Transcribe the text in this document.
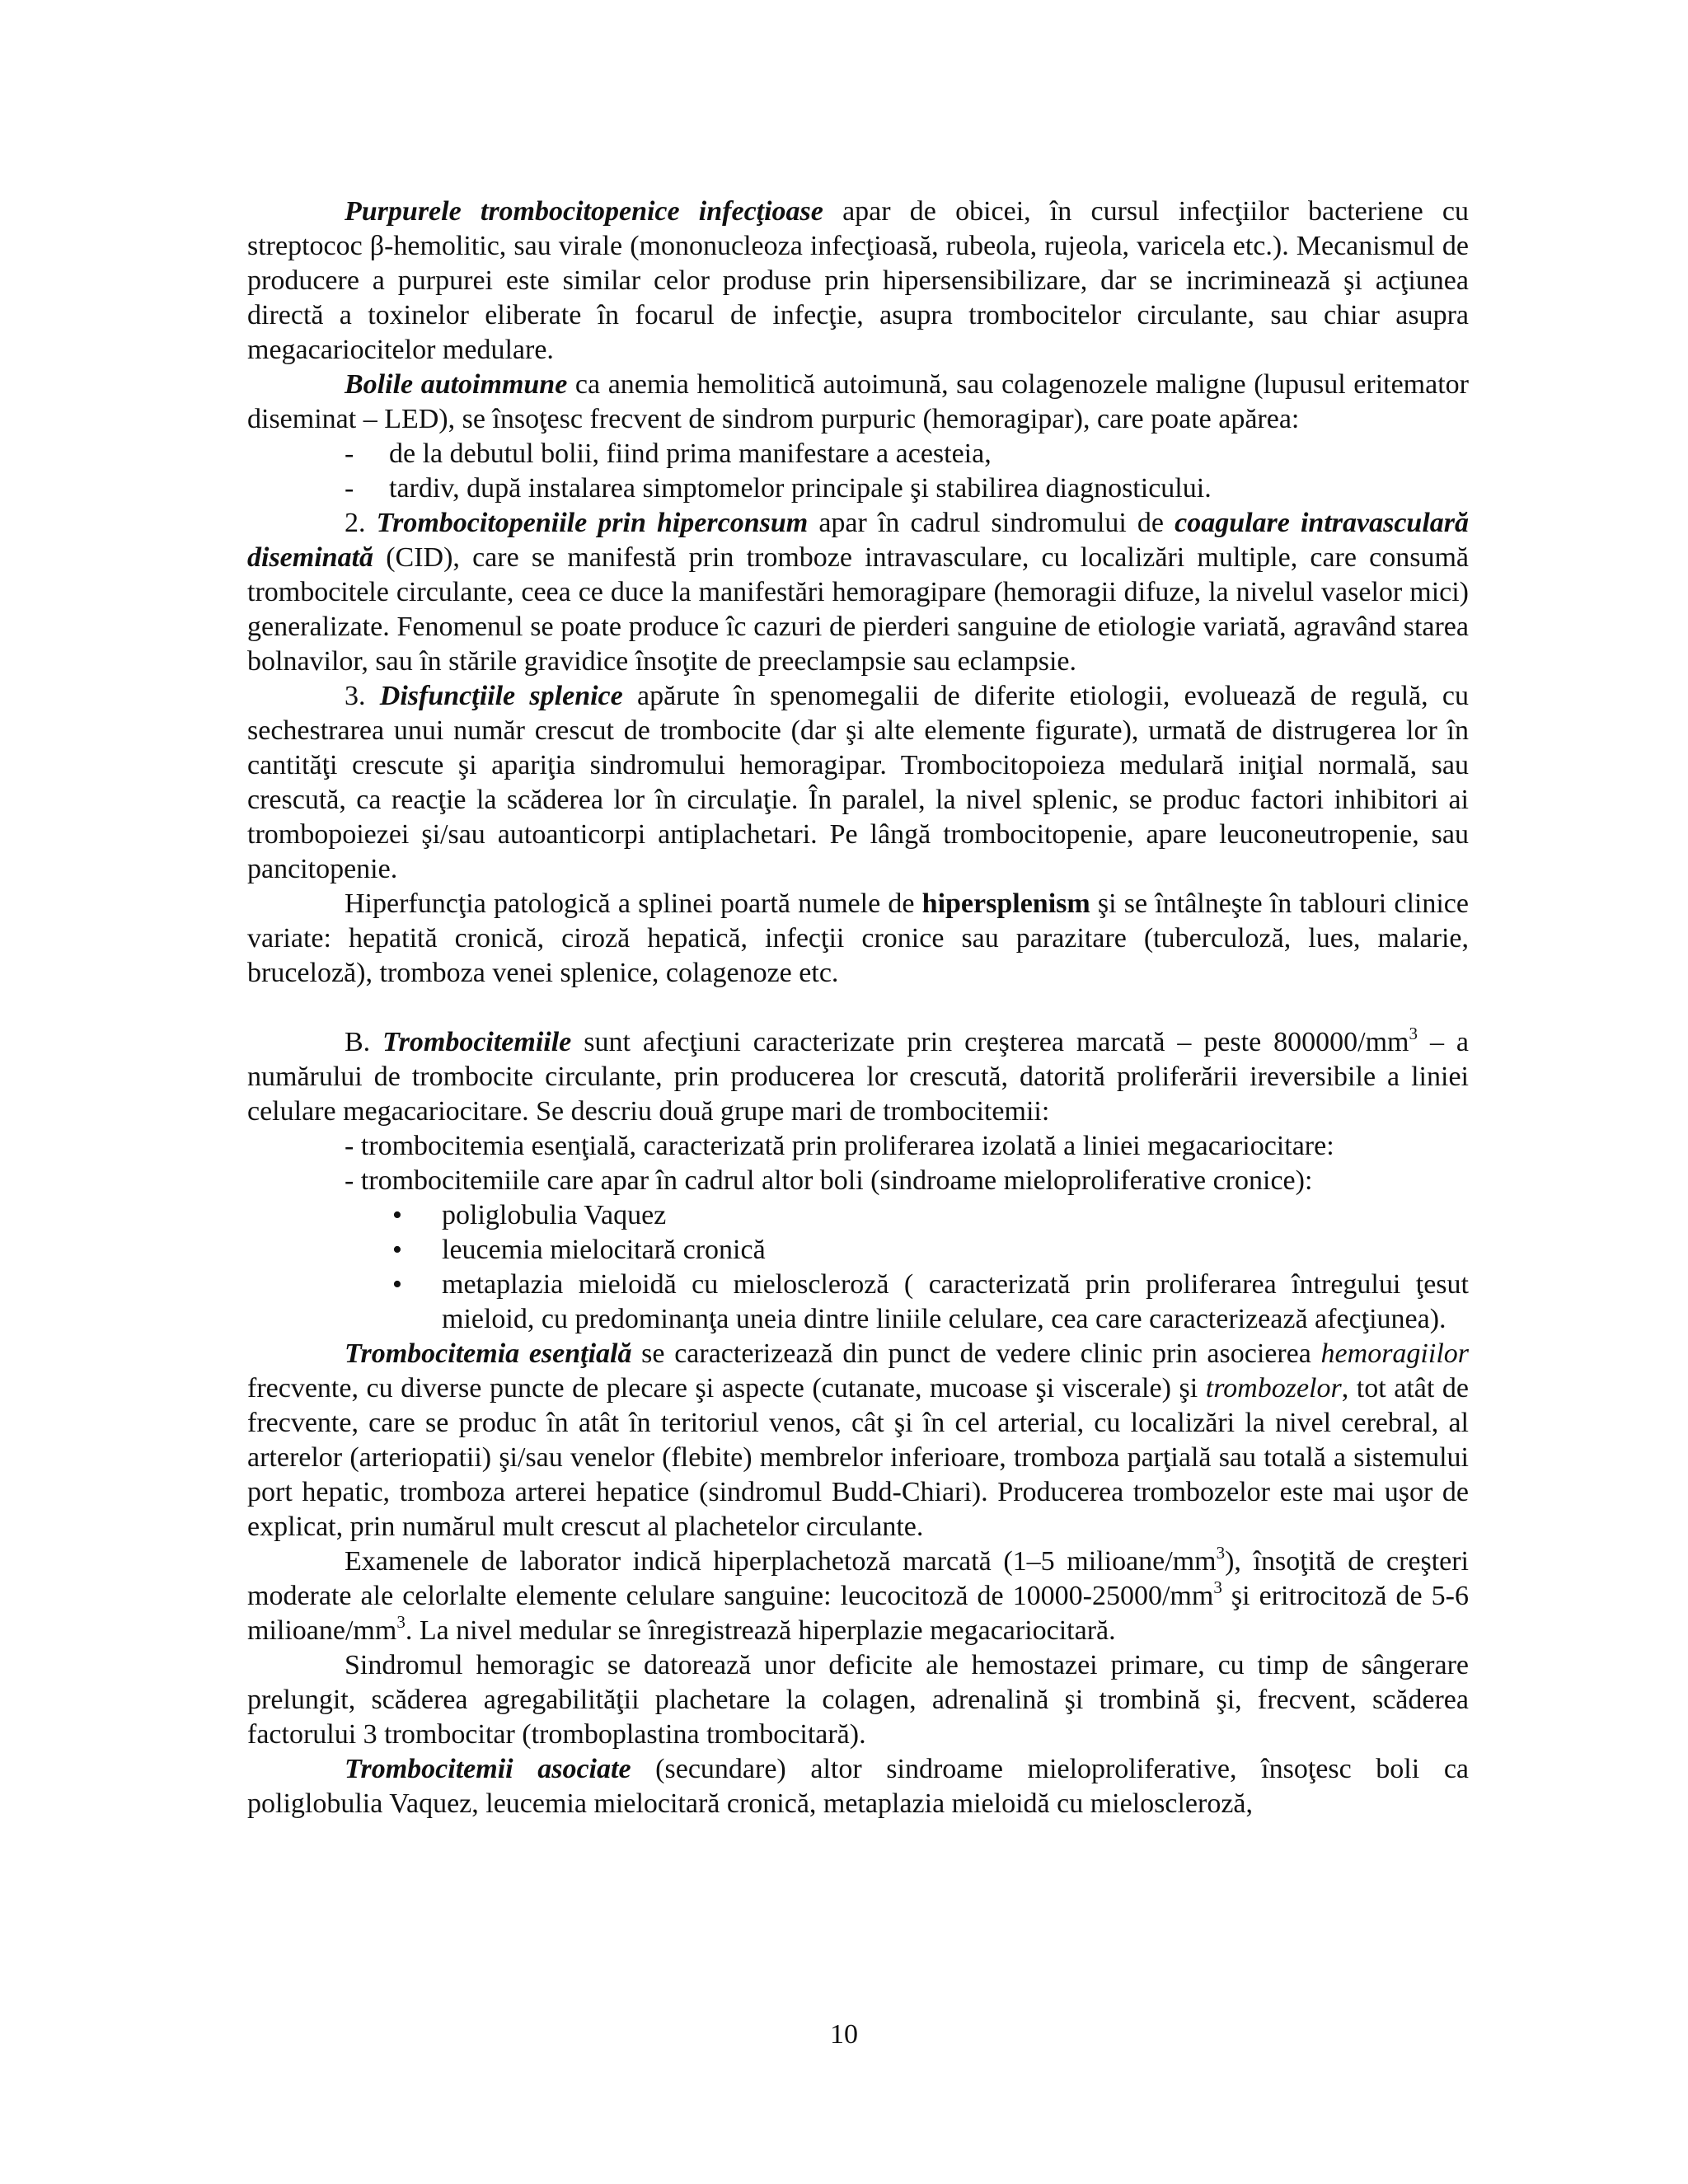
Purpurele trombocitopenice infecţioase apar de obicei, în cursul infecţiilor bacteriene cu streptococ β-hemolitic, sau virale (mononucleoza infecţioasă, rubeola, rujeola, varicela etc.). Mecanismul de producere a purpurei este similar celor produse prin hipersensibilizare, dar se incriminează şi acţiunea directă a toxinelor eliberate în focarul de infecţie, asupra trombocitelor circulante, sau chiar asupra megacariocitelor medulare.

Bolile autoimmune ca anemia hemolitică autoimună, sau colagenozele maligne (lupusul eritemator diseminat – LED), se însoţesc frecvent de sindrom purpuric (hemoragipar), care poate apărea:

-	de la debutul bolii, fiind prima manifestare a acesteia,
-	tardiv, după instalarea simptomelor principale şi stabilirea diagnosticului.

2. Trombocitopeniile prin hiperconsum apar în cadrul sindromului de coagulare intravasculară diseminată (CID), care se manifestă prin tromboze intravasculare, cu localizări multiple, care consumă trombocitele circulante, ceea ce duce la manifestări hemoragipare (hemoragii difuze, la nivelul vaselor mici) generalizate. Fenomenul se poate produce îc cazuri de pierderi sanguine de etiologie variată, agravând starea bolnavilor, sau în stările gravidice însoţite de preeclampsie sau eclampsie.

3. Disfuncţiile splenice apărute în spenomegalii de diferite etiologii, evoluează de regulă, cu sechestrarea unui număr crescut de trombocite (dar şi alte elemente figurate), urmată de distrugerea lor în cantităţi crescute şi apariţia sindromului hemoragipar. Trombocitopoieza medulară iniţial normală, sau crescută, ca reacţie la scăderea lor în circulaţie. În paralel, la nivel splenic, se produc factori inhibitori ai trombopoiezei şi/sau autoanticorpi antiplachetari. Pe lângă trombocitopenie, apare leuconeutropenie, sau pancitopenie.

Hiperfuncţia patologică a splinei poartă numele de hipersplenism şi se întâlneşte în tablouri clinice variate: hepatită cronică, ciroză hepatică, infecţii cronice sau parazitare (tuberculoză, lues, malarie, bruceloză), tromboza venei splenice, colagenoze etc.

B. Trombocitemiile sunt afecţiuni caracterizate prin creşterea marcată – peste $800000/mm^3$ – a numărului de trombocite circulante, prin producerea lor crescută, datorită proliferării ireversibile a liniei celulare megacariocitare. Se descriu două grupe mari de trombocitemii:

- trombocitemia esenţială, caracterizată prin proliferarea izolată a liniei megacariocitare:

- trombocitemiile care apar în cadrul altor boli (sindroame mieloproliferative cronice):

•	poliglobulia Vaquez
•	leucemia mielocitară cronică
•	metaplazia mieloidă cu mieloscleroză ( caracterizată prin proliferarea întregului ţesut mieloid, cu predominanţa uneia dintre liniile celulare, cea care caracterizează afecţiunea).

Trombocitemia esenţială se caracterizează din punct de vedere clinic prin asocierea hemoragiilor frecvente, cu diverse puncte de plecare şi aspecte (cutanate, mucoase şi viscerale) şi trombozelor, tot atât de frecvente, care se produc în atât în teritoriul venos, cât şi în cel arterial, cu localizări la nivel cerebral, al arterelor (arteriopatii) şi/sau venelor (flebite) membrelor inferioare, tromboza parţială sau totală a sistemului port hepatic, tromboza arterei hepatice (sindromul Budd-Chiari). Producerea trombozelor este mai uşor de explicat, prin numărul mult crescut al plachetelor circulante.

Examenele de laborator indică hiperplachetoză marcată (1–5 milioane/$mm^3$), însoţită de creşteri moderate ale celorlalte elemente celulare sanguine: leucocitoză de $10000-25000/mm^3$ şi eritrocitoză de 5-6 milioane/$mm^3$. La nivel medular se înregistrează hiperplazie megacariocitară.

Sindromul hemoragic se datorează unor deficite ale hemostazei primare, cu timp de sângerare prelungit, scăderea agregabilităţii plachetare la colagen, adrenalină şi trombină şi, frecvent, scăderea factorului 3 trombocitar (tromboplastina trombocitară).

Trombocitemii asociate (secundare) altor sindroame mieloproliferative, însoţesc boli ca poliglobulia Vaquez, leucemia mielocitară cronică, metaplazia mieloidă cu mieloscleroză,

10
